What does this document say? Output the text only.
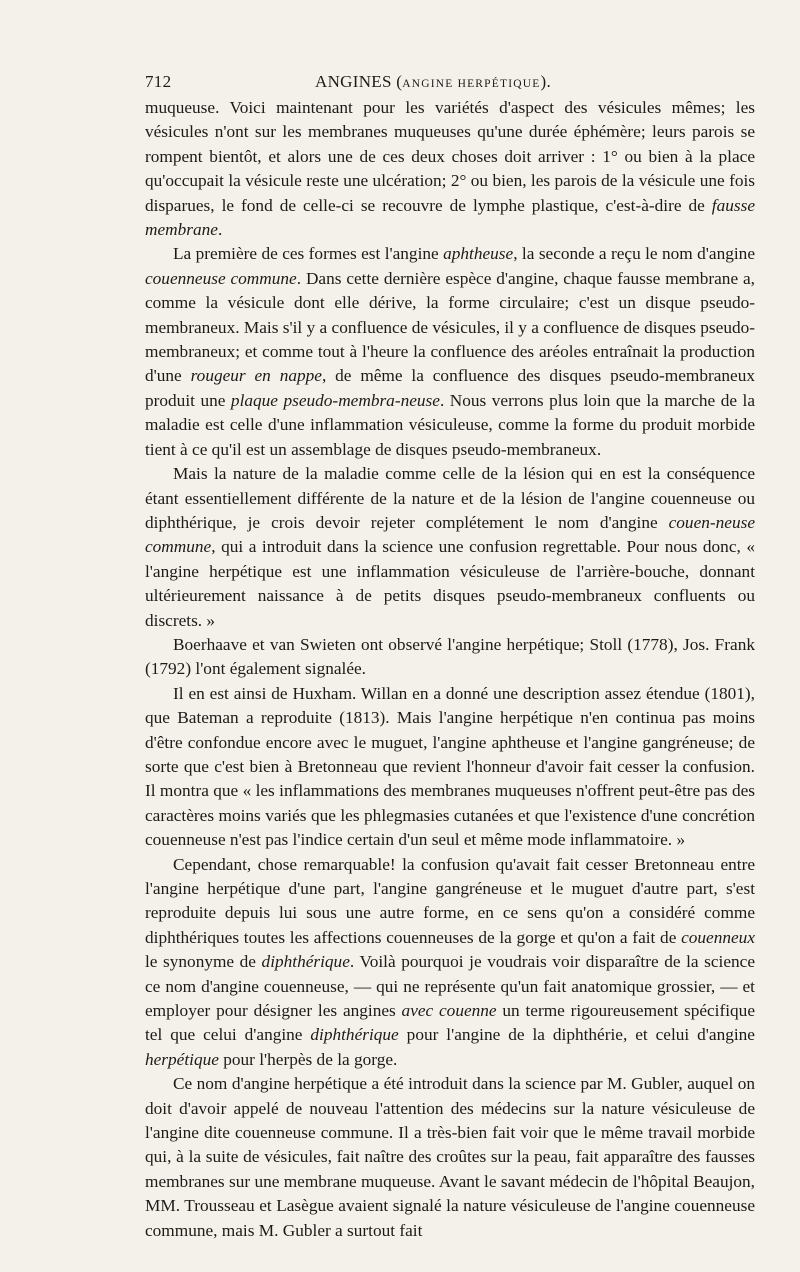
712	ANGINES (ANGINE HERPÉTIQUE).

muqueuse. Voici maintenant pour les variétés d'aspect des vésicules mêmes; les vésicules n'ont sur les membranes muqueuses qu'une durée éphémère; leurs parois se rompent bientôt, et alors une de ces deux choses doit arriver : 1° ou bien à la place qu'occupait la vésicule reste une ulcération; 2° ou bien, les parois de la vésicule une fois disparues, le fond de celle-ci se recouvre de lymphe plastique, c'est-à-dire de fausse membrane.

La première de ces formes est l'angine aphtheuse, la seconde a reçu le nom d'angine couenneuse commune. Dans cette dernière espèce d'angine, chaque fausse membrane a, comme la vésicule dont elle dérive, la forme circulaire; c'est un disque pseudo-membraneux. Mais s'il y a confluence de vésicules, il y a confluence de disques pseudo-membraneux; et comme tout à l'heure la confluence des aréoles entraînait la production d'une rougeur en nappe, de même la confluence des disques pseudo-membraneux produit une plaque pseudo-membra-neuse. Nous verrons plus loin que la marche de la maladie est celle d'une inflammation vésiculeuse, comme la forme du produit morbide tient à ce qu'il est un assemblage de disques pseudo-membraneux.

Mais la nature de la maladie comme celle de la lésion qui en est la conséquence étant essentiellement différente de la nature et de la lésion de l'angine couenneuse ou diphthérique, je crois devoir rejeter complétement le nom d'angine couen-neuse commune, qui a introduit dans la science une confusion regrettable. Pour nous donc, « l'angine herpétique est une inflammation vésiculeuse de l'arrière-bouche, donnant ultérieurement naissance à de petits disques pseudo-membraneux confluents ou discrets. »

Boerhaave et van Swieten ont observé l'angine herpétique; Stoll (1778), Jos. Frank (1792) l'ont également signalée.

Il en est ainsi de Huxham. Willan en a donné une description assez étendue (1801), que Bateman a reproduite (1813). Mais l'angine herpétique n'en continua pas moins d'être confondue encore avec le muguet, l'angine aphtheuse et l'angine gangréneuse; de sorte que c'est bien à Bretonneau que revient l'honneur d'avoir fait cesser la confusion. Il montra que « les inflammations des membranes muqueuses n'offrent peut-être pas des caractères moins variés que les phlegmasies cutanées et que l'existence d'une concrétion couenneuse n'est pas l'indice certain d'un seul et même mode inflammatoire. »

Cependant, chose remarquable! la confusion qu'avait fait cesser Bretonneau entre l'angine herpétique d'une part, l'angine gangréneuse et le muguet d'autre part, s'est reproduite depuis lui sous une autre forme, en ce sens qu'on a considéré comme diphthériques toutes les affections couenneuses de la gorge et qu'on a fait de couenneux le synonyme de diphthérique. Voilà pourquoi je voudrais voir disparaître de la science ce nom d'angine couenneuse, — qui ne représente qu'un fait anatomique grossier, — et employer pour désigner les angines avec couenne un terme rigoureusement spécifique tel que celui d'angine diphthérique pour l'angine de la diphthérie, et celui d'angine herpétique pour l'herpès de la gorge.

Ce nom d'angine herpétique a été introduit dans la science par M. Gubler, auquel on doit d'avoir appelé de nouveau l'attention des médecins sur la nature vésiculeuse de l'angine dite couenneuse commune. Il a très-bien fait voir que le même travail morbide qui, à la suite de vésicules, fait naître des croûtes sur la peau, fait apparaître des fausses membranes sur une membrane muqueuse. Avant le savant médecin de l'hôpital Beaujon, MM. Trousseau et Lasègue avaient signalé la nature vésiculeuse de l'angine couenneuse commune, mais M. Gubler a surtout fait
